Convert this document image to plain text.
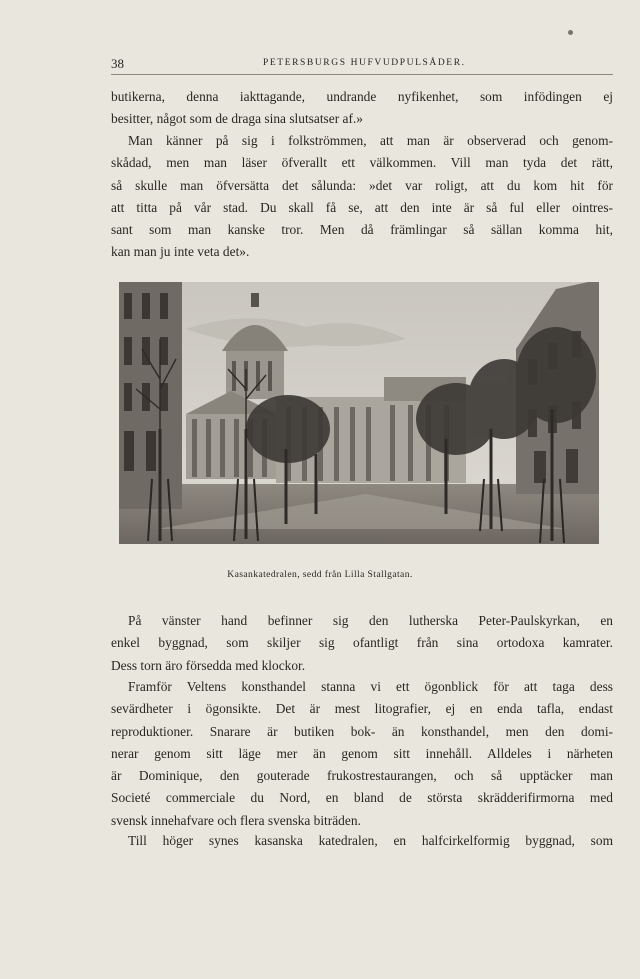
38	PETERSBURGS HUFVUDPULSÅDER.
butikerna, denna iakttagande, undrande nyfikenhet, som infödingen ej
besitter, något som de draga sina slutsatser af.»
Man känner på sig i folkströmmen, att man är observerad och genom-
skådad, men man läser öfverallt ett välkommen. Vill man tyda det rätt,
så skulle man öfversätta det sålunda: »det var roligt, att du kom hit för
att titta på vår stad. Du skall få se, att den inte är så ful eller ointres-
sant som man kanske tror. Men då främlingar så sällan komma hit,
kan man ju inte veta det».
Kasankatedralen, sedd från Lilla Stallgatan.
På vänster hand befinner sig den lutherska Peter-Paulskyrkan, en
enkel byggnad, som skiljer sig ofantligt från sina ortodoxa kamrater.
Dess torn äro försedda med klockor.
Framför Veltens konsthandel stanna vi ett ögonblick för att taga dess
sevärdheter i ögonsikte. Det är mest litografier, ej en enda tafla, endast
reproduktioner. Snarare är butiken bok- än konsthandel, men den domi-
nerar genom sitt läge mer än genom sitt innehåll. Alldeles i närheten
är Dominique, den gouterade frukostrestaurangen, och så upptäcker man
Societé commerciale du Nord, en bland de största skrädderifirmorna med
svensk innehafvare och flera svenska biträden.
Till höger synes kasanska katedralen, en halfcirkelformig byggnad, som
